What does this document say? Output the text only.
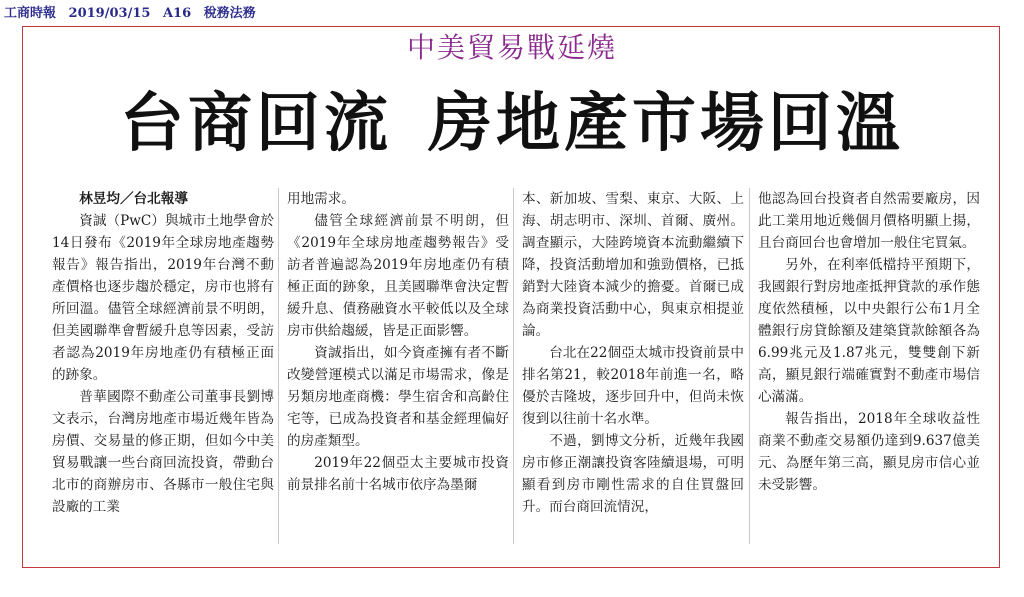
工商時報 2019/03/15 A16 稅務法務
中美貿易戰延燒
台商回流 房地產市場回溫
林昱均／台北報導

資誠（PwC）與城市土地學會於14日發布《2019年全球房地產趨勢報告》報告指出，2019年台灣不動產價格也逐步趨於穩定，房市也將有所回溫。儘管全球經濟前景不明朗，但美國聯準會暫緩升息等因素，受訪者認為2019年房地產仍有積極正面的跡象。

普華國際不動產公司董事長劉博文表示，台灣房地產市場近幾年皆為房價、交易量的修正期，但如今中美貿易戰讓一些台商回流投資，帶動台北市的商辦房市、各縣市一般住宅與設廠的工業

用地需求。

儘管全球經濟前景不明朗，但《2019年全球房地產趨勢報告》受訪者普遍認為2019年房地產仍有積極正面的跡象，且美國聯準會決定暫緩升息、債務融資水平較低以及全球房市供給趨緩，皆是正面影響。

資誠指出，如今資產擁有者不斷改變營運模式以滿足市場需求，像是另類房地產商機：學生宿舍和高齡住宅等，已成為投資者和基金經理偏好的房產類型。

2019年22個亞太主要城市投資前景排名前十名城市依序為墨爾

本、新加坡、雪梨、東京、大阪、上海、胡志明市、深圳、首爾、廣州。調查顯示，大陸跨境資本流動繼續下降，投資活動增加和強勁價格，已抵銷對大陸資本減少的擔憂。首爾已成為商業投資活動中心，與東京相提並論。

台北在22個亞太城市投資前景中排名第21，較2018年前進一名，略優於吉隆坡，逐步回升中，但尚未恢復到以往前十名水準。

不過，劉博文分析，近幾年我國房市修正潮讓投資客陸續退場，可明顯看到房市剛性需求的自住買盤回升。而台商回流情況，

他認為回台投資者自然需要廠房，因此工業用地近幾個月價格明顯上揚，且台商回台也會增加一般住宅買氣。

另外，在利率低檔持平預期下，我國銀行對房地產抵押貸款的承作態度依然積極，以中央銀行公布1月全體銀行房貸餘額及建築貸款餘額各為6.99兆元及1.87兆元，雙雙創下新高，顯見銀行端確實對不動產市場信心滿滿。

報告指出，2018年全球收益性商業不動產交易額仍達到9.637億美元、為歷年第三高，顯見房市信心並未受影響。
